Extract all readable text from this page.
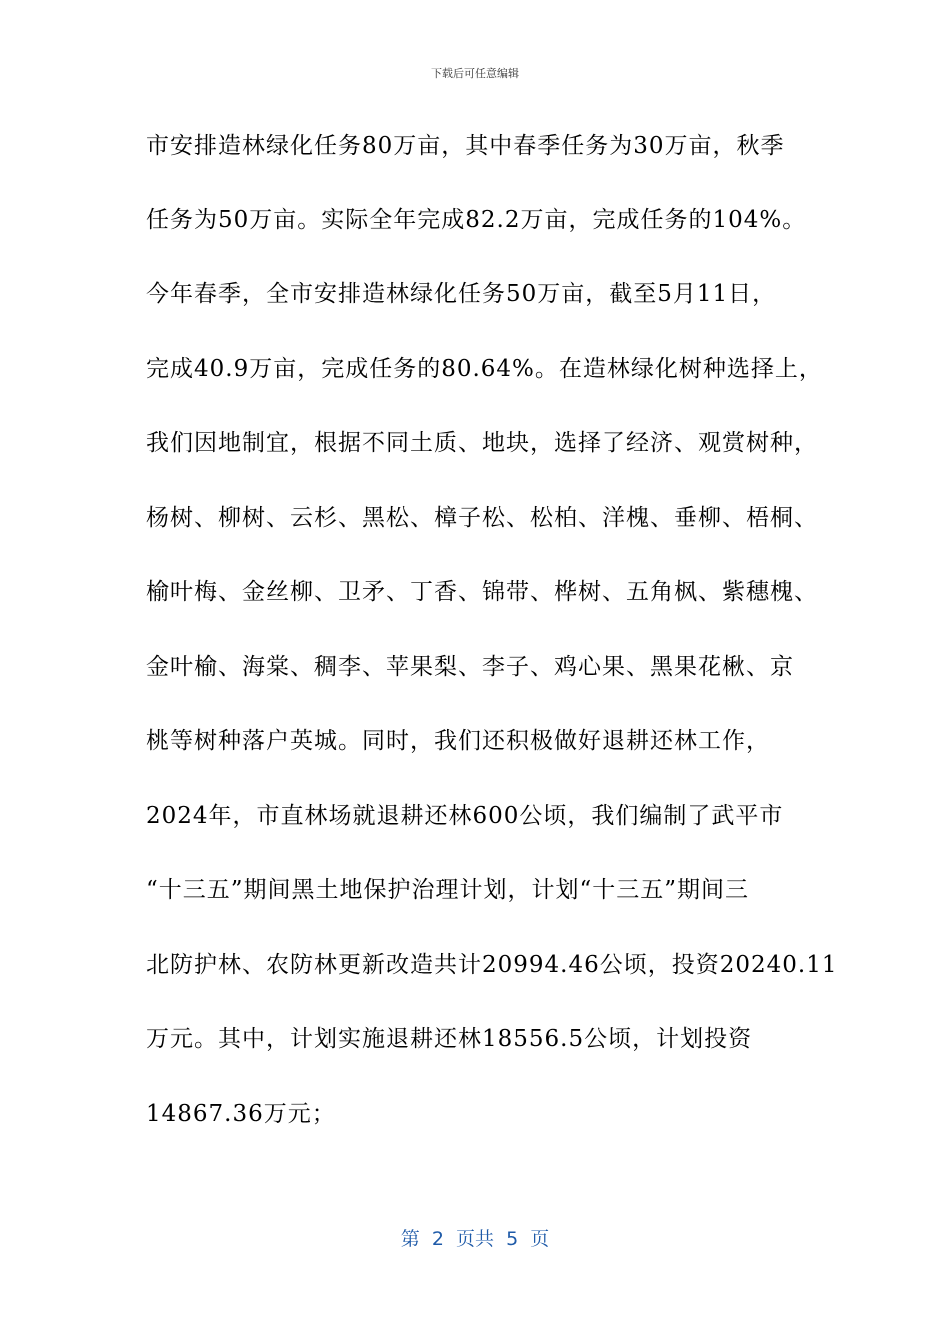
下载后可任意编辑
市安排造林绿化任务80万亩，其中春季任务为30万亩，秋季
任务为50万亩。实际全年完成82.2万亩，完成任务的104%。
今年春季，全市安排造林绿化任务50万亩，截至5月11日，
完成40.9万亩，完成任务的80.64%。在造林绿化树种选择上，
我们因地制宜，根据不同土质、地块，选择了经济、观赏树种，
杨树、柳树、云杉、黑松、樟子松、松柏、洋槐、垂柳、梧桐、
榆叶梅、金丝柳、卫矛、丁香、锦带、桦树、五角枫、紫穗槐、
金叶榆、海棠、稠李、苹果梨、李子、鸡心果、黑果花楸、京
桃等树种落户英城。同时，我们还积极做好退耕还林工作，
2024年，市直林场就退耕还林600公顷，我们编制了武平市
“十三五”期间黑土地保护治理计划，计划“十三五”期间三
北防护林、农防林更新改造共计20994.46公顷，投资20240.11
万元。其中，计划实施退耕还林18556.5公顷，计划投资
14867.36万元；
第  2  页共  5  页
